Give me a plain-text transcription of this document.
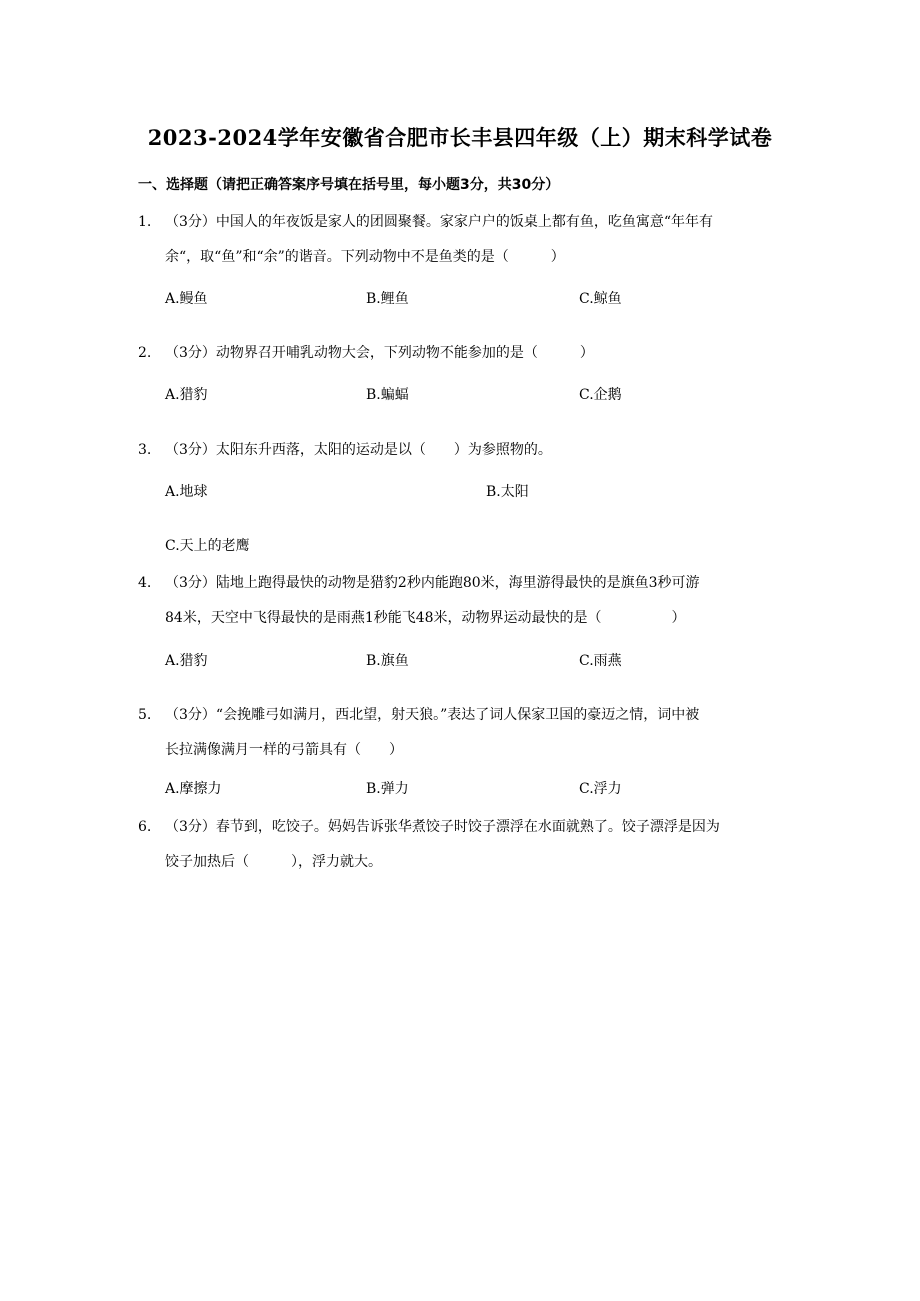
2023-2024学年安徽省合肥市长丰县四年级（上）期末科学试卷
一、选择题（请把正确答案序号填在括号里，每小题3分，共30分）
1. （3分）中国人的年夜饭是家人的团圆聚餐。家家户户的饭桌上都有鱼，吃鱼寓意“年年有
余“，取“鱼”和“余”的谐音。下列动物中不是鱼类的是（　　　）
A.鳗鱼	B.鲤鱼	C.鲸鱼
2. （3分）动物界召开哺乳动物大会，下列动物不能参加的是（　　　）
A.猎豹	B.蝙蝠	C.企鹅
3. （3分）太阳东升西落，太阳的运动是以（　　）为参照物的。
A.地球	B.太阳
C.天上的老鹰
4. （3分）陆地上跑得最快的动物是猎豹2秒内能跑80米，海里游得最快的是旗鱼3秒可游
84米，天空中飞得最快的是雨燕1秒能飞48米，动物界运动最快的是（　　　　　）
A.猎豹	B.旗鱼	C.雨燕
5. （3分）“会挽雕弓如满月，西北望，射天狼。”表达了词人保家卫国的豪迈之情，词中被
长拉满像满月一样的弓箭具有（　　）
A.摩擦力	B.弹力	C.浮力
6. （3分）春节到，吃饺子。妈妈告诉张华煮饺子时饺子漂浮在水面就熟了。饺子漂浮是因为
饺子加热后（　　　），浮力就大。
